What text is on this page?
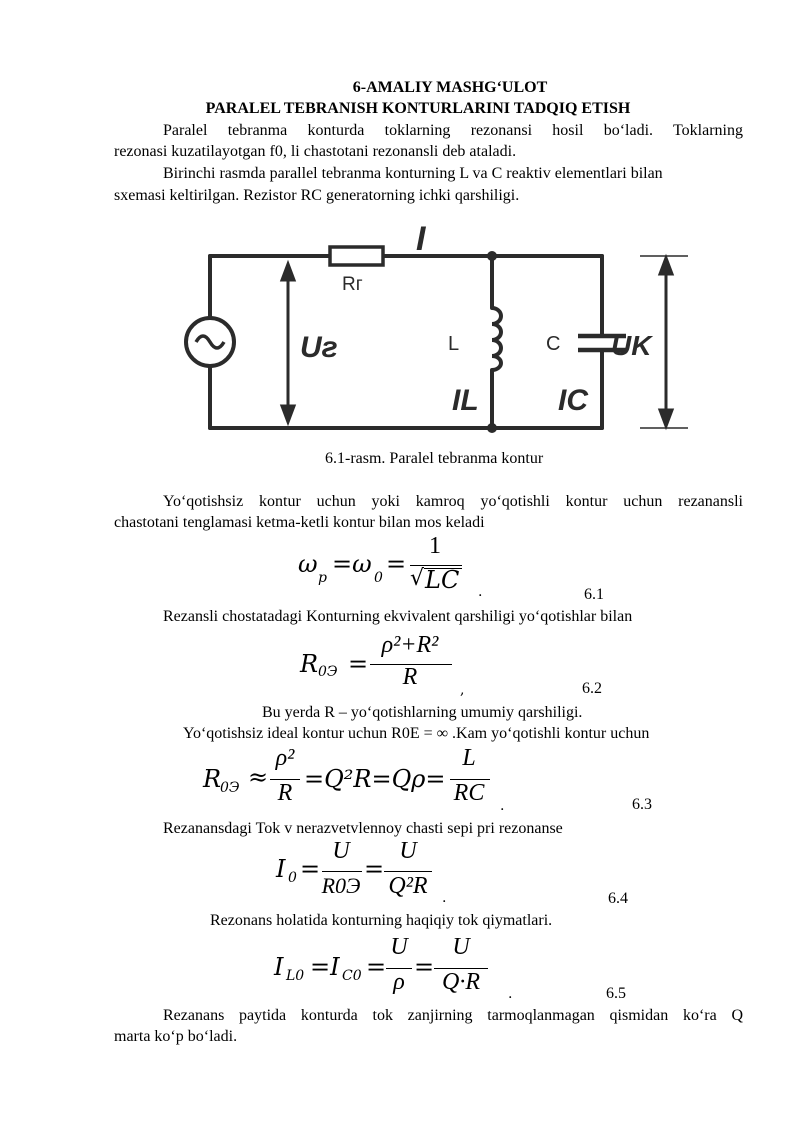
6-AMALIY MASHGʻULOT
PARALEL TEBRANISH KONTURLARINI TADQIQ ETISH
Paralel tebranma konturda toklarning rezonansi hosil boʻladi. Toklarning
rezonasi kuzatilayotgan f0, li chastotani rezonansli deb ataladi.
Birinchi rasmda parallel tebranma konturning L va C reaktiv elementlari bilan
sxemasi keltirilgan. Rezistor RC generatorning ichki qarshiligi.
I
Rг
Uг	L
IL
C
IC
UK
6.1-rasm. Paralel tebranma kontur
Yoʻqotishsiz kontur uchun yoki kamroq yoʻqotishli kontur uchun rezanansli
chastotani tenglamasi ketma-ketli kontur bilan mos keladi
ω p =ω 0 =
1
√ LC .	6.1
Rezansli chostatadagi Konturning ekvivalent qarshiligi yoʻqotishlar bilan
R 0Э =
ρ²+R²
R	,	6.2
Bu yerda R – yoʻqotishlarning umumiy qarshiligi.
Yoʻqotishsiz ideal kontur uchun R0E = ∞ .Kam yoʻqotishli kontur uchun
R
0Э ≈
ρ²
R =Q²R=Qρ=
L
RC	.	6.3
Rezanansdagi Tok v nerazvetvlennoy chasti sepi pri rezonanse
I 0 =
U
R0Э
=
U
Q²R	.	6.4
Rezonans holatida konturning haqiqiy tok qiymatlari.
I L0 =I C0 =
U
ρ
=
U
Q·R	.	6.5
Rezanans paytida konturda tok zanjirning tarmoqlanmagan qismidan koʻra Q
marta koʻp boʻladi.
